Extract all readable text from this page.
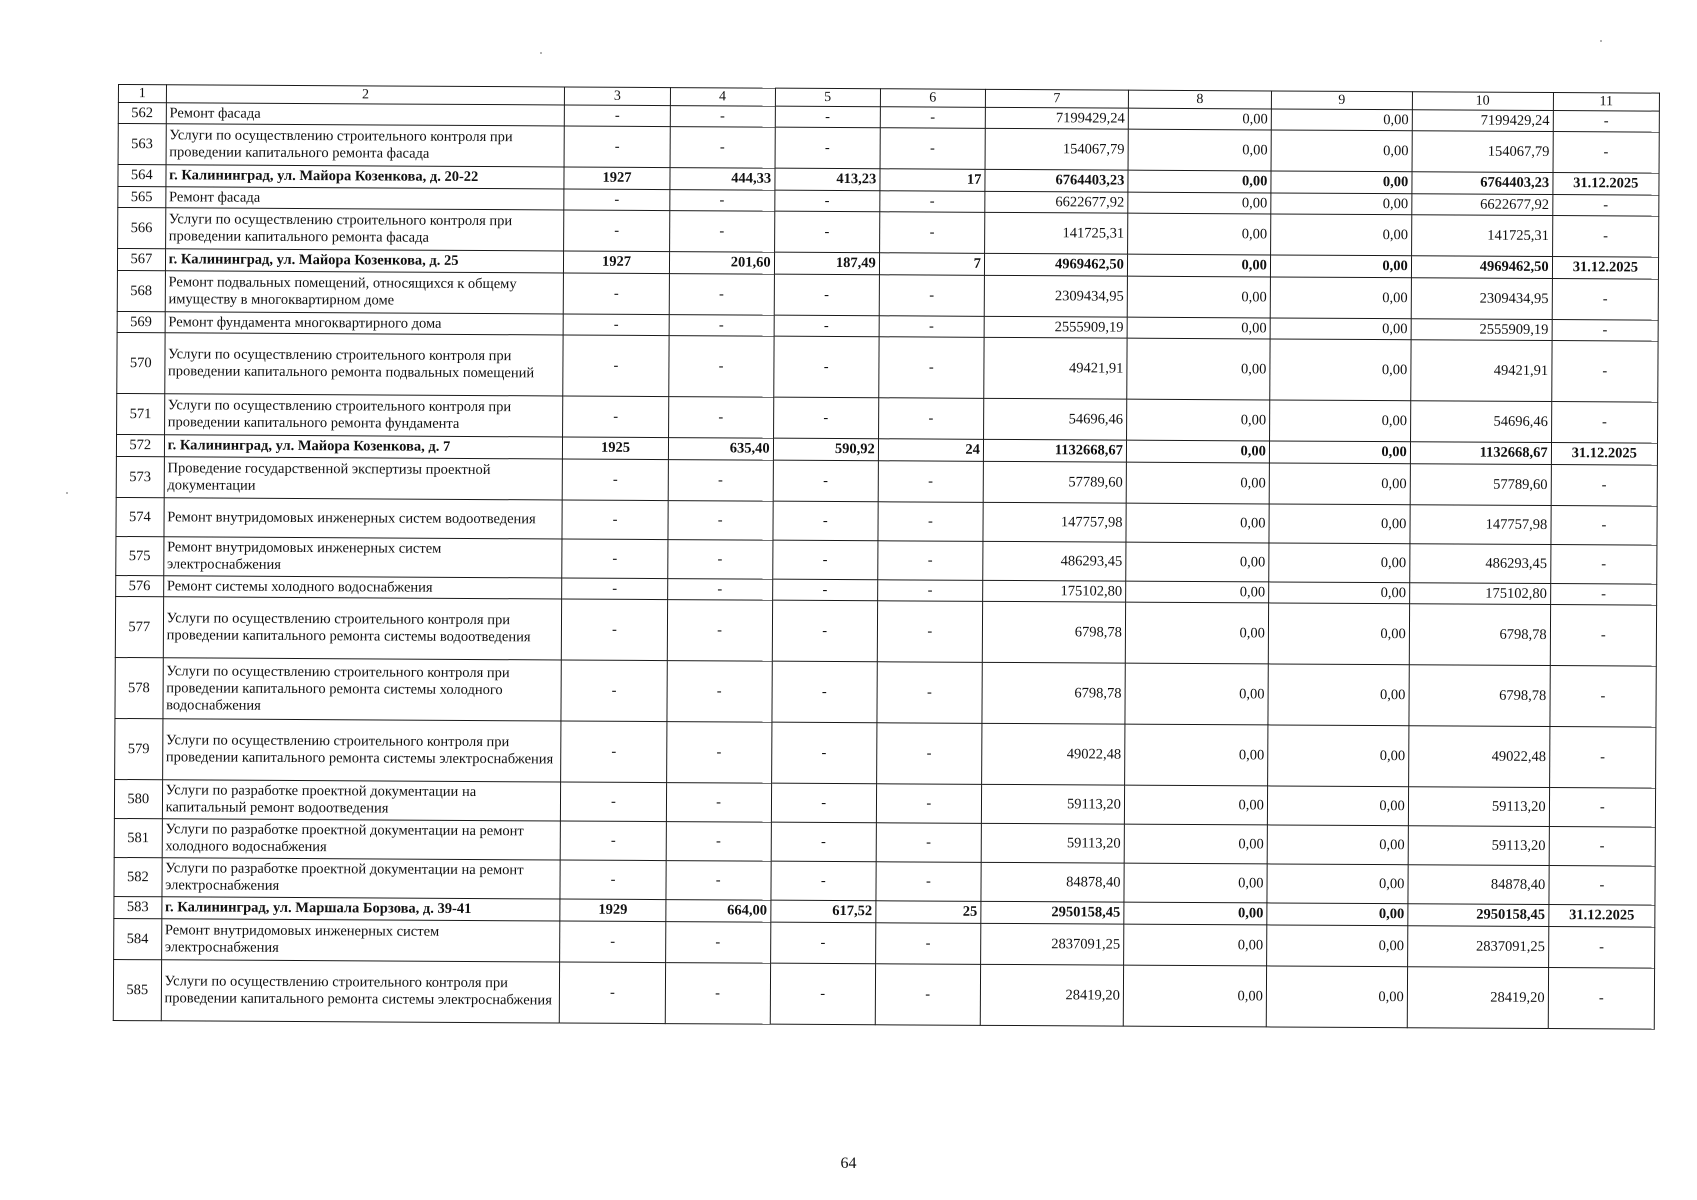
1	2	3	4	5	6	7	8	9	10	11
562	Ремонт фасада	-	-	-	-	7199429,24	0,00	0,00	7199429,24	-
563	Услуги по осуществлению строительного контроля при проведении капитального ремонта фасада	-	-	-	-	154067,79	0,00	0,00	154067,79	-
564	г. Калининград, ул. Майора Козенкова, д. 20-22	1927	444,33	413,23	17	6764403,23	0,00	0,00	6764403,23	31.12.2025
565	Ремонт фасада	-	-	-	-	6622677,92	0,00	0,00	6622677,92	-
566	Услуги по осуществлению строительного контроля при проведении капитального ремонта фасада	-	-	-	-	141725,31	0,00	0,00	141725,31	-
567	г. Калининград, ул. Майора Козенкова, д. 25	1927	201,60	187,49	7	4969462,50	0,00	0,00	4969462,50	31.12.2025
568	Ремонт подвальных помещений, относящихся к общему имуществу в многоквартирном доме	-	-	-	-	2309434,95	0,00	0,00	2309434,95	-
569	Ремонт фундамента многоквартирного дома	-	-	-	-	2555909,19	0,00	0,00	2555909,19	-
570	Услуги по осуществлению строительного контроля при проведении капитального ремонта подвальных помещений	-	-	-	-	49421,91	0,00	0,00	49421,91	-
571	Услуги по осуществлению строительного контроля при проведении капитального ремонта фундамента	-	-	-	-	54696,46	0,00	0,00	54696,46	-
572	г. Калининград, ул. Майора Козенкова, д. 7	1925	635,40	590,92	24	1132668,67	0,00	0,00	1132668,67	31.12.2025
573	Проведение государственной экспертизы проектной документации	-	-	-	-	57789,60	0,00	0,00	57789,60	-
574	Ремонт внутридомовых инженерных систем водоотведения	-	-	-	-	147757,98	0,00	0,00	147757,98	-
575	Ремонт внутридомовых инженерных систем электроснабжения	-	-	-	-	486293,45	0,00	0,00	486293,45	-
576	Ремонт системы холодного водоснабжения	-	-	-	-	175102,80	0,00	0,00	175102,80	-
577	Услуги по осуществлению строительного контроля при проведении капитального ремонта системы водоотведения	-	-	-	-	6798,78	0,00	0,00	6798,78	-
578	Услуги по осуществлению строительного контроля при проведении капитального ремонта системы холодного водоснабжения	-	-	-	-	6798,78	0,00	0,00	6798,78	-
579	Услуги по осуществлению строительного контроля при проведении капитального ремонта системы электроснабжения	-	-	-	-	49022,48	0,00	0,00	49022,48	-
580	Услуги по разработке проектной документации на капитальный ремонт водоотведения	-	-	-	-	59113,20	0,00	0,00	59113,20	-
581	Услуги по разработке проектной документации на ремонт холодного водоснабжения	-	-	-	-	59113,20	0,00	0,00	59113,20	-
582	Услуги по разработке проектной документации на ремонт электроснабжения	-	-	-	-	84878,40	0,00	0,00	84878,40	-
583	г. Калининград, ул. Маршала Борзова, д. 39-41	1929	664,00	617,52	25	2950158,45	0,00	0,00	2950158,45	31.12.2025
584	Ремонт внутридомовых инженерных систем электроснабжения	-	-	-	-	2837091,25	0,00	0,00	2837091,25	-
585	Услуги по осуществлению строительного контроля при проведении капитального ремонта системы электроснабжения	-	-	-	-	28419,20	0,00	0,00	28419,20	-
64
